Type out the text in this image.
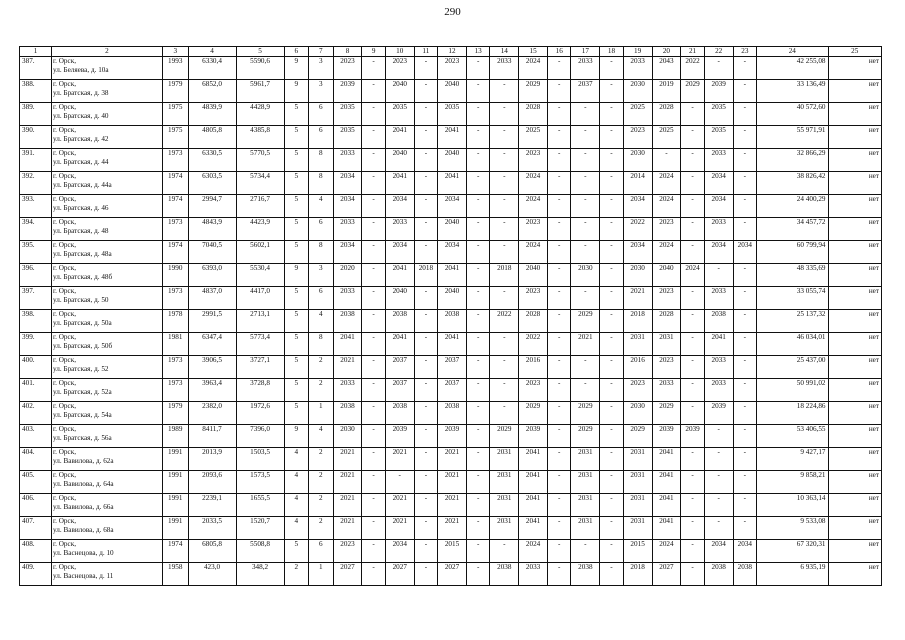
290
1	2	3	4	5	6	7	8	9	10	11	12	13	14	15	16	17	18	19	20	21	22	23	24	25
387.	г. Орск,
ул. Беляева, д. 10а	1993	6330,4	5590,6	9	3	2023	-	2023	-	2023	-	2033	2024	-	2033	-	2033	2043	2022	-	-	42 255,08	нет
388.	г. Орск,
ул. Братская, д. 38	1979	6852,0	5961,7	9	3	2039	-	2040	-	2040	-	-	2029	-	2037	-	2030	2019	2029	2039	-	33 136,49	нет
389.	г. Орск,
ул. Братская, д. 40	1975	4839,9	4428,9	5	6	2035	-	2035	-	2035	-	-	2028	-	-	-	2025	2028	-	2035	-	40 572,60	нет
390.	г. Орск,
ул. Братская, д. 42	1975	4805,8	4385,8	5	6	2035	-	2041	-	2041	-	-	2025	-	-	-	2023	2025	-	2035	-	55 971,91	нет
391.	г. Орск,
ул. Братская, д. 44	1973	6330,5	5770,5	5	8	2033	-	2040	-	2040	-	-	2023	-	-	-	2030	-	-	2033	-	32 866,29	нет
392.	г. Орск,
ул. Братская, д. 44а	1974	6303,5	5734,4	5	8	2034	-	2041	-	2041	-	-	2024	-	-	-	2014	2024	-	2034	-	38 826,42	нет
393.	г. Орск,
ул. Братская, д. 46	1974	2994,7	2716,7	5	4	2034	-	2034	-	2034	-	-	2024	-	-	-	2034	2024	-	2034	-	24 400,29	нет
394.	г. Орск,
ул. Братская, д. 48	1973	4843,9	4423,9	5	6	2033	-	2033	-	2040	-	-	2023	-	-	-	2022	2023	-	2033	-	34 457,72	нет
395.	г. Орск,
ул. Братская, д. 48а	1974	7040,5	5602,1	5	8	2034	-	2034	-	2034	-	-	2024	-	-	-	2034	2024	-	2034	2034	60 799,94	нет
396.	г. Орск,
ул. Братская, д. 48б	1990	6393,0	5530,4	9	3	2020	-	2041	2018	2041	-	2018	2040	-	2030	-	2030	2040	2024	-	-	48 335,69	нет
397.	г. Орск,
ул. Братская, д. 50	1973	4837,0	4417,0	5	6	2033	-	2040	-	2040	-	-	2023	-	-	-	2021	2023	-	2033	-	33 055,74	нет
398.	г. Орск,
ул. Братская, д. 50а	1978	2991,5	2713,1	5	4	2038	-	2038	-	2038	-	2022	2028	-	2029	-	2018	2028	-	2038	-	25 137,32	нет
399.	г. Орск,
ул. Братская, д. 50б	1981	6347,4	5773,4	5	8	2041	-	2041	-	2041	-	-	2022	-	2021	-	2031	2031	-	2041	-	46 034,01	нет
400.	г. Орск,
ул. Братская, д. 52	1973	3906,5	3727,1	5	2	2021	-	2037	-	2037	-	-	2016	-	-	-	2016	2023	-	2033	-	25 437,00	нет
401.	г. Орск,
ул. Братская, д. 52а	1973	3963,4	3728,8	5	2	2033	-	2037	-	2037	-	-	2023	-	-	-	2023	2033	-	2033	-	50 991,02	нет
402.	г. Орск,
ул. Братская, д. 54а	1979	2382,0	1972,6	5	1	2038	-	2038	-	2038	-	-	2029	-	2029	-	2030	2029	-	2039	-	18 224,86	нет
403.	г. Орск,
ул. Братская, д. 56а	1989	8411,7	7396,0	9	4	2030	-	2039	-	2039	-	2029	2039	-	2029	-	2029	2039	2039	-	-	53 406,55	нет
404.	г. Орск,
ул. Вавилова, д. 62а	1991	2013,9	1503,5	4	2	2021	-	2021	-	2021	-	2031	2041	-	2031	-	2031	2041	-	-	-	9 427,17	нет
405.	г. Орск,
ул. Вавилова, д. 64а	1991	2093,6	1573,5	4	2	2021	-	-	-	2021	-	2031	2041	-	2031	-	2031	2041	-	-	-	9 858,21	нет
406.	г. Орск,
ул. Вавилова, д. 66а	1991	2239,1	1655,5	4	2	2021	-	2021	-	2021	-	2031	2041	-	2031	-	2031	2041	-	-	-	10 363,14	нет
407.	г. Орск,
ул. Вавилова, д. 68а	1991	2033,5	1520,7	4	2	2021	-	2021	-	2021	-	2031	2041	-	2031	-	2031	2041	-	-	-	9 533,08	нет
408.	г. Орск,
ул. Васнецова, д. 10	1974	6805,8	5508,8	5	6	2023	-	2034	-	2015	-	-	2024	-	-	-	2015	2024	-	2034	2034	67 320,31	нет
409.	г. Орск,
ул. Васнецова, д. 11	1958	423,0	348,2	2	1	2027	-	2027	-	2027	-	2038	2033	-	2038	-	2018	2027	-	2038	2038	6 935,19	нет
